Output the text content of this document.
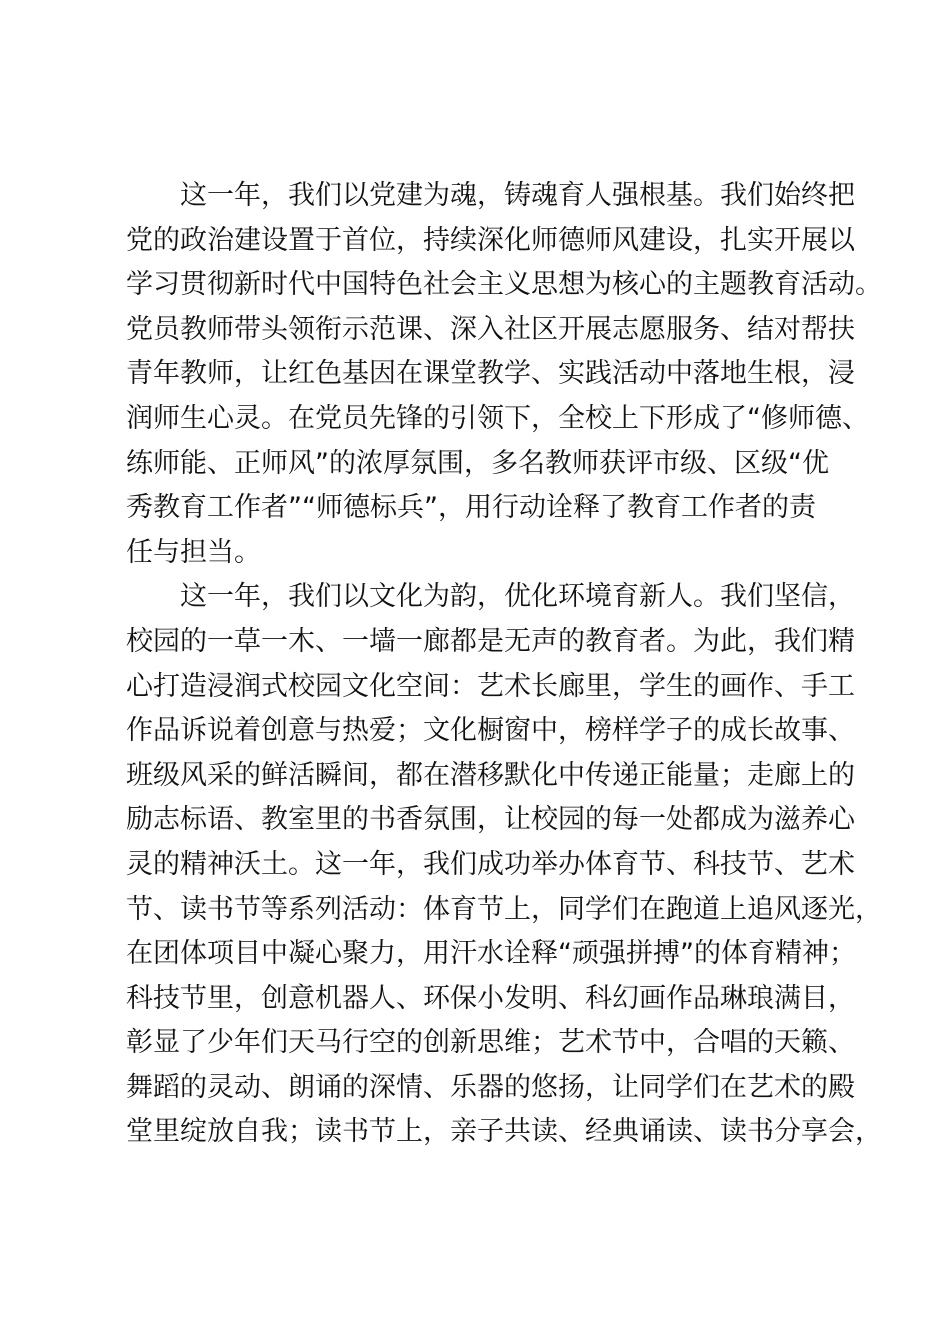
这一年，我们以党建为魂，铸魂育人强根基。我们始终把
党的政治建设置于首位，持续深化师德师风建设，扎实开展以
学习贯彻新时代中国特色社会主义思想为核心的主题教育活动。
党员教师带头领衔示范课、深入社区开展志愿服务、结对帮扶
青年教师，让红色基因在课堂教学、实践活动中落地生根，浸
润师生心灵。在党员先锋的引领下，全校上下形成了“修师德、
练师能、正师风”的浓厚氛围，多名教师获评市级、区级“优
秀教育工作者”“师德标兵”，用行动诠释了教育工作者的责
任与担当。
这一年，我们以文化为韵，优化环境育新人。我们坚信，
校园的一草一木、一墙一廊都是无声的教育者。为此，我们精
心打造浸润式校园文化空间：艺术长廊里，学生的画作、手工
作品诉说着创意与热爱；文化橱窗中，榜样学子的成长故事、
班级风采的鲜活瞬间，都在潜移默化中传递正能量；走廊上的
励志标语、教室里的书香氛围，让校园的每一处都成为滋养心
灵的精神沃土。这一年，我们成功举办体育节、科技节、艺术
节、读书节等系列活动：体育节上，同学们在跑道上追风逐光，
在团体项目中凝心聚力，用汗水诠释“顽强拼搏”的体育精神；
科技节里，创意机器人、环保小发明、科幻画作品琳琅满目，
彰显了少年们天马行空的创新思维；艺术节中，合唱的天籁、
舞蹈的灵动、朗诵的深情、乐器的悠扬，让同学们在艺术的殿
堂里绽放自我；读书节上，亲子共读、经典诵读、读书分享会，
